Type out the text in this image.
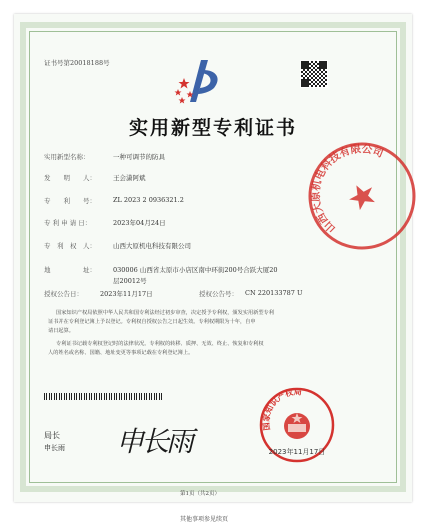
证书号第20018188号
实用新型专利证书
实用新型名称：	一种可调节的防具
发　　明　　人：	王会潇阿斌
专　　利　　号：	ZL 2023 2 0936321.2
专 利 申 请 日：	2023年04月24日
专　利　权　人：	山西大原机电科技有限公司
地　　　　　址：	030006 山西省太原市小店区南中环街200号合跃大厦20
层20012号
授权公告日：	2023年11月17日	授权公告号： CN 220133787 U
国家知识产权局依照中华人民共和国专利法经过初步审查，决定授予专利权，颁发实用新型专利
证书并在专利登记簿上予以登记。专利权自授权公告之日起生效。专利权期限为十年，自申
请日起算。
专利证书记载专利权登记时的法律状况。专利权的转移、质押、无效、终止、恢复和专利权
人的姓名或名称、国籍、地址变更等事项记载在专利登记簿上。
局长
申长雨 申长雨
山西大原机电科技有限公司
国家知识产权局
2023年11月17日
第1页（共2页）
其他事项参见续页
